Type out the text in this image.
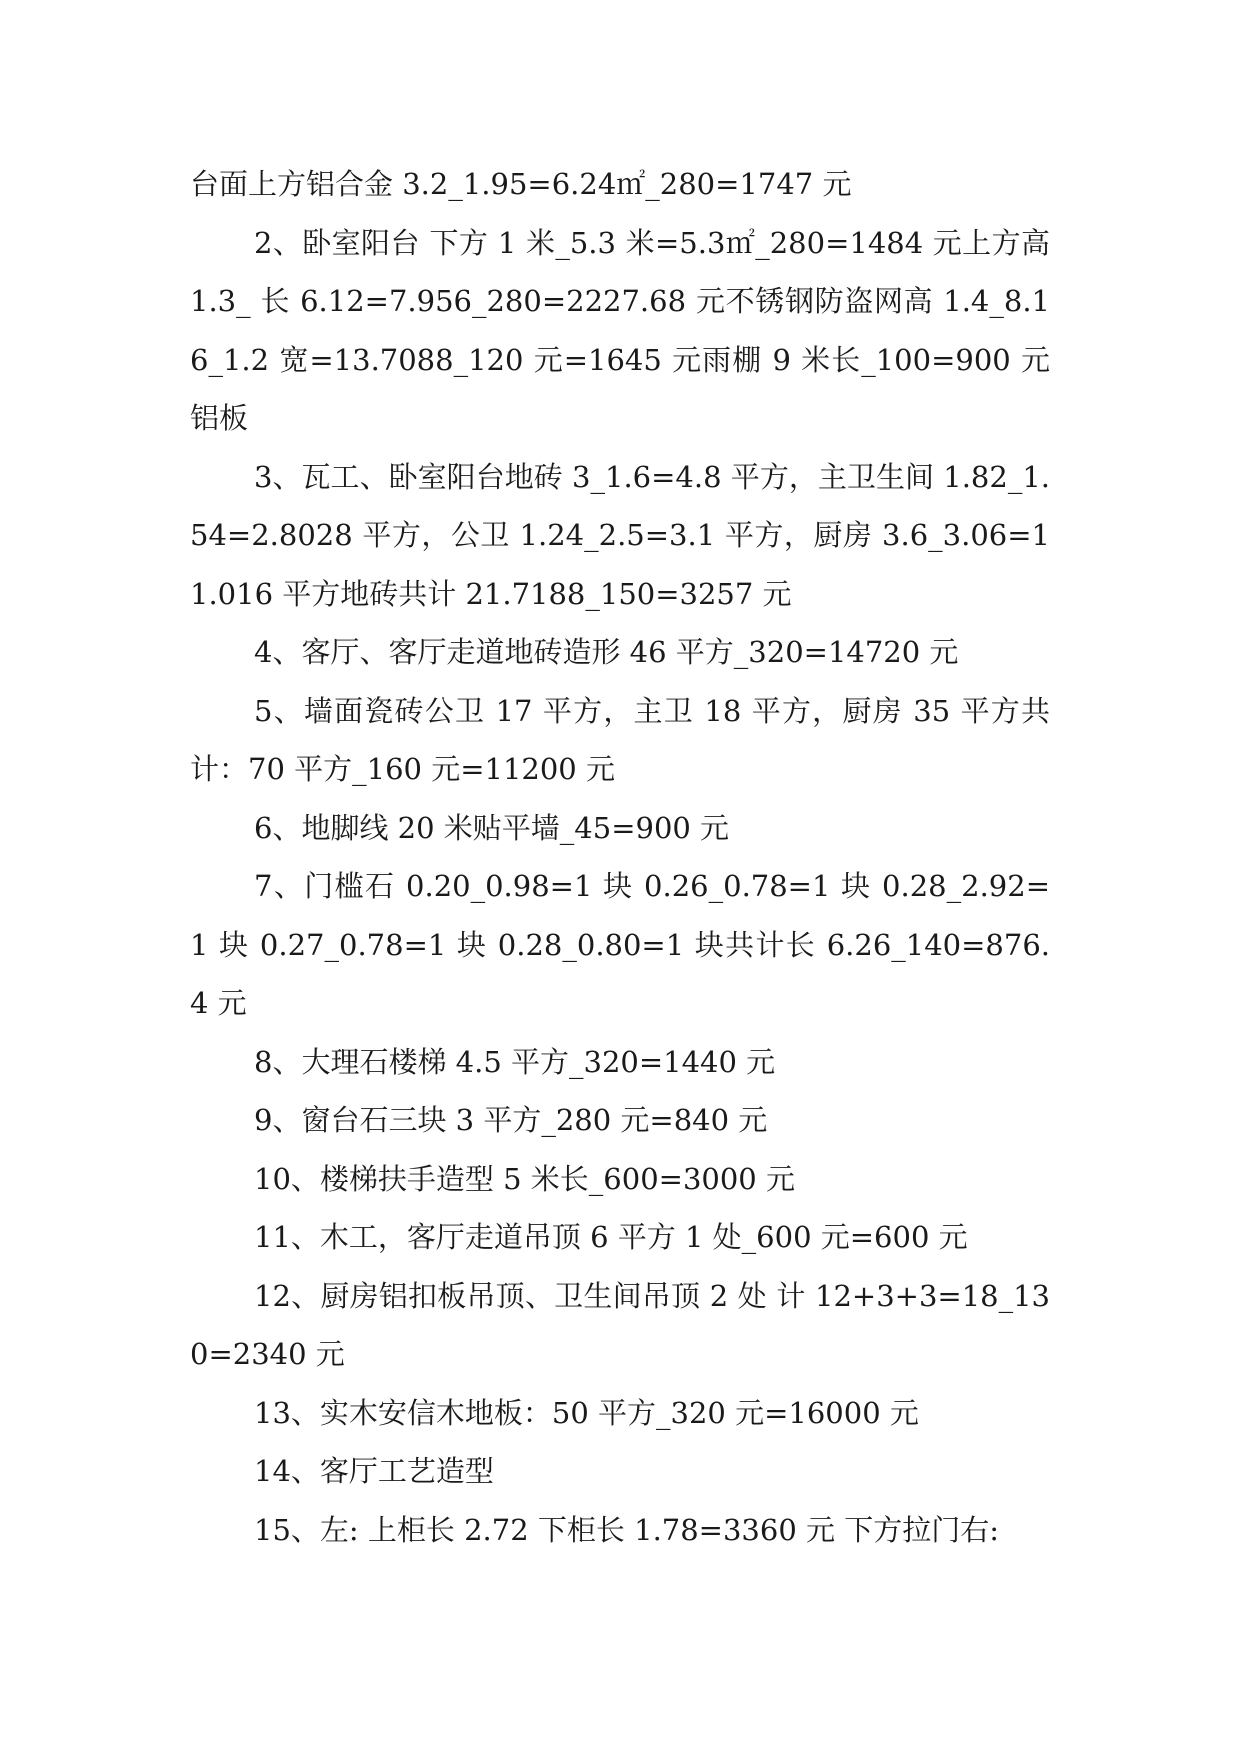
台面上方铝合金 3.2_1.95=6.24㎡_280=1747 元

2、卧室阳台 下方 1 米_5.3 米=5.3㎡_280=1484 元上方高 1.3_ 长 6.12=7.956_280=2227.68 元不锈钢防盗网高 1.4_8.16_1.2 宽=13.7088_120 元=1645 元雨棚 9 米长_100=900 元 铝板

3、瓦工、卧室阳台地砖 3_1.6=4.8 平方，主卫生间 1.82_1.54=2.8028 平方，公卫 1.24_2.5=3.1 平方，厨房 3.6_3.06=11.016 平方地砖共计 21.7188_150=3257 元

4、客厅、客厅走道地砖造形 46 平方_320=14720 元

5、墙面瓷砖公卫 17 平方，主卫 18 平方，厨房 35 平方共计：70 平方_160 元=11200 元

6、地脚线 20 米贴平墙_45=900 元

7、门槛石 0.20_0.98=1 块 0.26_0.78=1 块 0.28_2.92=1 块 0.27_0.78=1 块 0.28_0.80=1 块共计长 6.26_140=876.4 元

8、大理石楼梯 4.5 平方_320=1440 元

9、窗台石三块 3 平方_280 元=840 元

10、楼梯扶手造型 5 米长_600=3000 元

11、木工，客厅走道吊顶 6 平方 1 处_600 元=600 元

12、厨房铝扣板吊顶、卫生间吊顶 2 处 计 12+3+3=18_130=2340 元

13、实木安信木地板：50 平方_320 元=16000 元

14、客厅工艺造型

15、左: 上柜长 2.72 下柜长 1.78=3360 元 下方拉门右:
